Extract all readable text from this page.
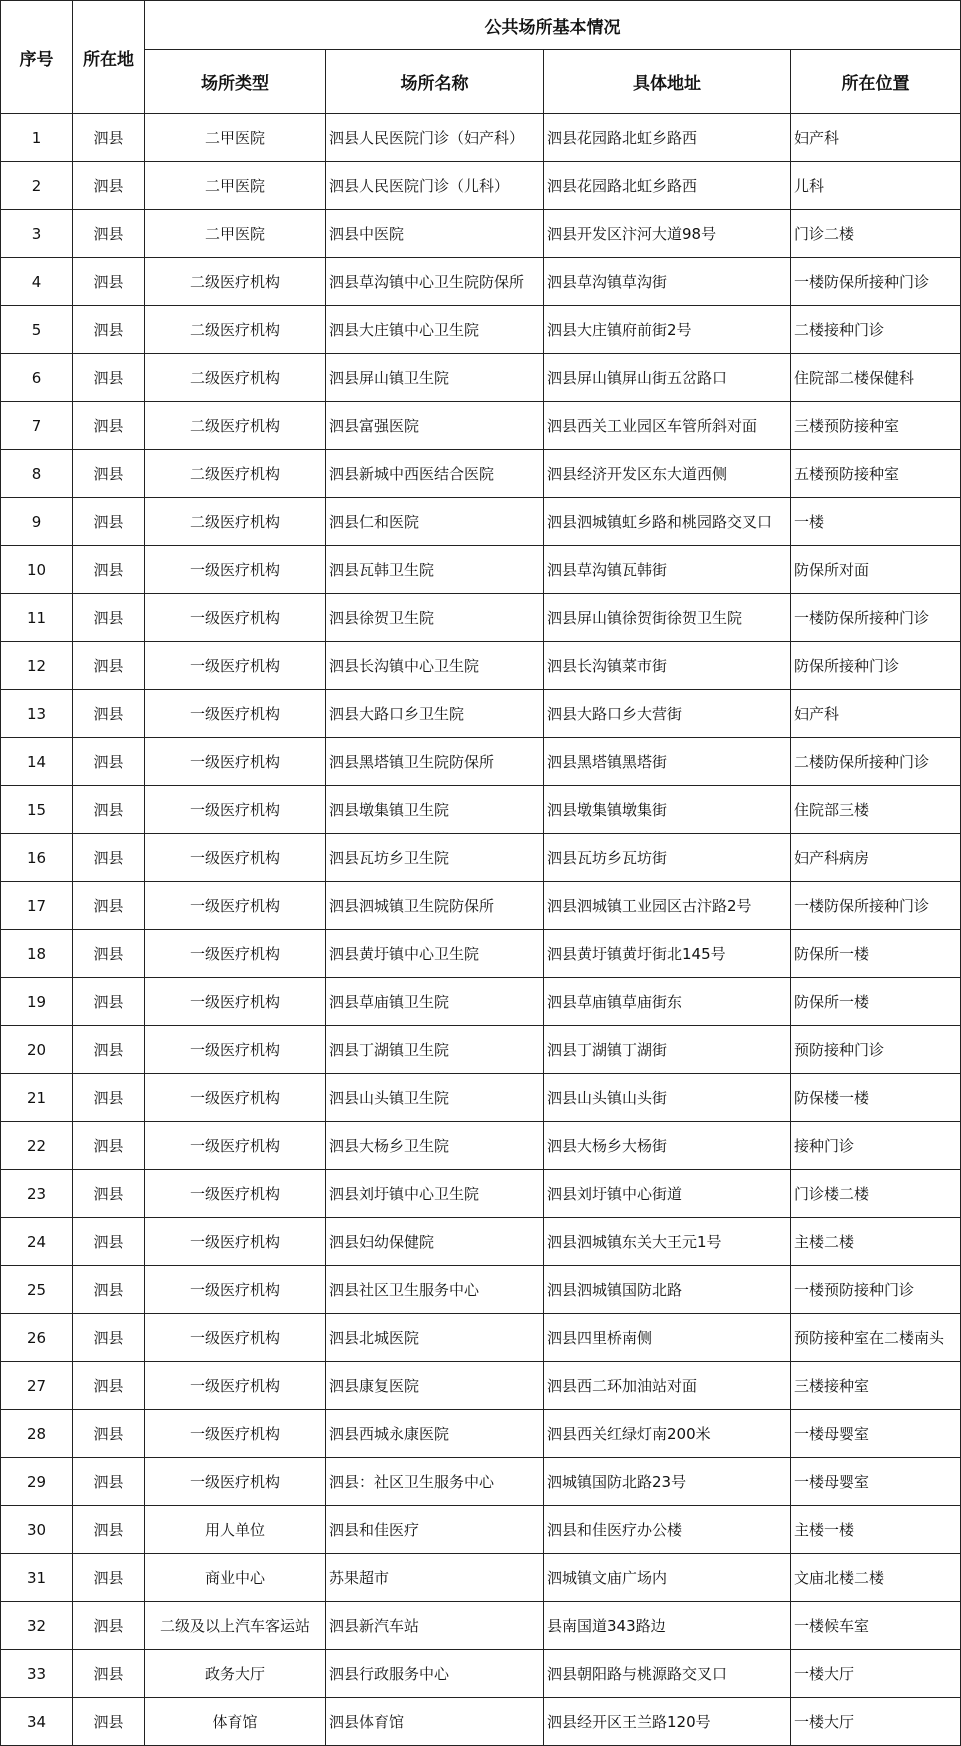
序号	所在地	公共场所基本情况			
		场所类型	场所名称	具体地址	所在位置
1	泗县	二甲医院	泗县人民医院门诊（妇产科）	泗县花园路北虹乡路西	妇产科
2	泗县	二甲医院	泗县人民医院门诊（儿科）	泗县花园路北虹乡路西	儿科
3	泗县	二甲医院	泗县中医院	泗县开发区汴河大道98号	门诊二楼
4	泗县	二级医疗机构	泗县草沟镇中心卫生院防保所	泗县草沟镇草沟街	一楼防保所接种门诊
5	泗县	二级医疗机构	泗县大庄镇中心卫生院	泗县大庄镇府前街2号	二楼接种门诊
6	泗县	二级医疗机构	泗县屏山镇卫生院	泗县屏山镇屏山街五岔路口	住院部二楼保健科
7	泗县	二级医疗机构	泗县富强医院	泗县西关工业园区车管所斜对面	三楼预防接种室
8	泗县	二级医疗机构	泗县新城中西医结合医院	泗县经济开发区东大道西侧	五楼预防接种室
9	泗县	二级医疗机构	泗县仁和医院	泗县泗城镇虹乡路和桃园路交叉口	一楼
10	泗县	一级医疗机构	泗县瓦韩卫生院	泗县草沟镇瓦韩街	防保所对面
11	泗县	一级医疗机构	泗县徐贺卫生院	泗县屏山镇徐贺街徐贺卫生院	一楼防保所接种门诊
12	泗县	一级医疗机构	泗县长沟镇中心卫生院	泗县长沟镇菜市街	防保所接种门诊
13	泗县	一级医疗机构	泗县大路口乡卫生院	泗县大路口乡大营街	妇产科
14	泗县	一级医疗机构	泗县黑塔镇卫生院防保所	泗县黑塔镇黑塔街	二楼防保所接种门诊
15	泗县	一级医疗机构	泗县墩集镇卫生院	泗县墩集镇墩集街	住院部三楼
16	泗县	一级医疗机构	泗县瓦坊乡卫生院	泗县瓦坊乡瓦坊街	妇产科病房
17	泗县	一级医疗机构	泗县泗城镇卫生院防保所	泗县泗城镇工业园区古汴路2号	一楼防保所接种门诊
18	泗县	一级医疗机构	泗县黄圩镇中心卫生院	泗县黄圩镇黄圩街北145号	防保所一楼
19	泗县	一级医疗机构	泗县草庙镇卫生院	泗县草庙镇草庙街东	防保所一楼
20	泗县	一级医疗机构	泗县丁湖镇卫生院	泗县丁湖镇丁湖街	预防接种门诊
21	泗县	一级医疗机构	泗县山头镇卫生院	泗县山头镇山头街	防保楼一楼
22	泗县	一级医疗机构	泗县大杨乡卫生院	泗县大杨乡大杨街	接种门诊
23	泗县	一级医疗机构	泗县刘圩镇中心卫生院	泗县刘圩镇中心街道	门诊楼二楼
24	泗县	一级医疗机构	泗县妇幼保健院	泗县泗城镇东关大王元1号	主楼二楼
25	泗县	一级医疗机构	泗县社区卫生服务中心	泗县泗城镇国防北路	一楼预防接种门诊
26	泗县	一级医疗机构	泗县北城医院	泗县四里桥南侧	预防接种室在二楼南头
27	泗县	一级医疗机构	泗县康复医院	泗县西二环加油站对面	三楼接种室
28	泗县	一级医疗机构	泗县西城永康医院	泗县西关红绿灯南200米	一楼母婴室
29	泗县	一级医疗机构	泗县：社区卫生服务中心	泗城镇国防北路23号	一楼母婴室
30	泗县	用人单位	泗县和佳医疗	泗县和佳医疗办公楼	主楼一楼
31	泗县	商业中心	苏果超市	泗城镇文庙广场内	文庙北楼二楼
32	泗县	二级及以上汽车客运站	泗县新汽车站	县南国道343路边	一楼候车室
33	泗县	政务大厅	泗县行政服务中心	泗县朝阳路与桃源路交叉口	一楼大厅
34	泗县	体育馆	泗县体育馆	泗县经开区王兰路120号	一楼大厅
